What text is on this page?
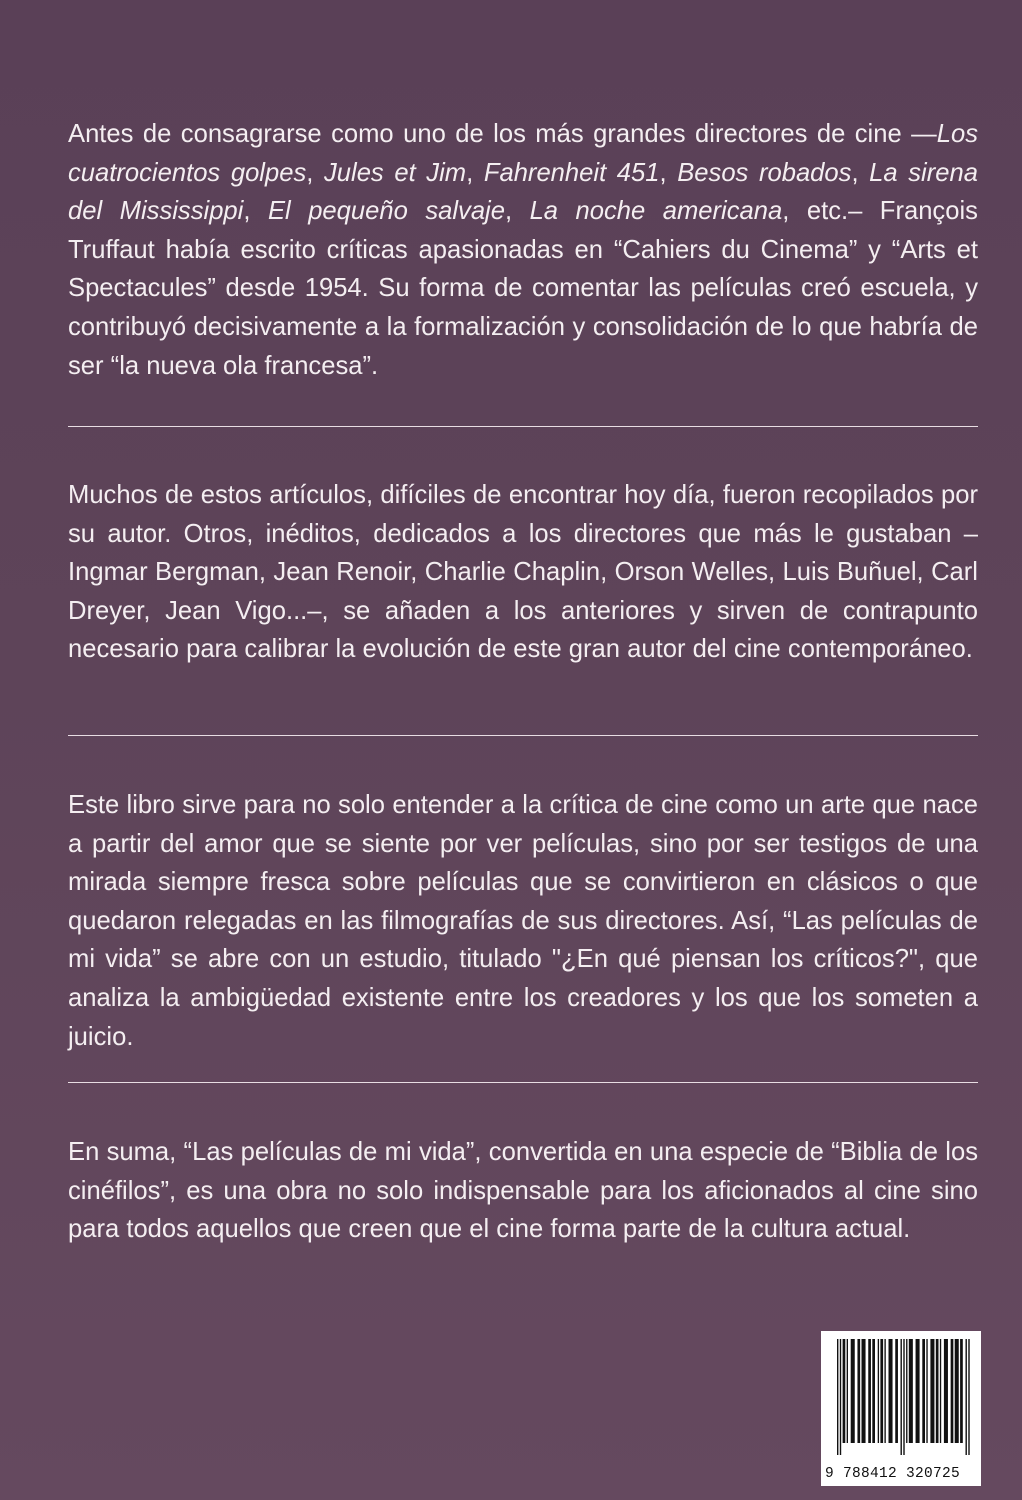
Antes de consagrarse como uno de los más grandes directores de cine —Los cuatrocientos golpes, Jules et Jim, Fahrenheit 451, Besos robados, La sirena del Mississippi, El pequeño salvaje, La noche americana, etc.– François Truffaut había escrito críticas apasionadas en “Cahiers du Cinema” y “Arts et Spectacules” desde 1954. Su forma de comentar las películas creó escuela, y contribuyó decisivamente a la formalización y consolidación de lo que habría de ser “la nueva ola francesa”.

Muchos de estos artículos, difíciles de encontrar hoy día, fueron recopilados por su autor. Otros, inéditos, dedicados a los directores que más le gustaban –Ingmar Bergman, Jean Renoir, Charlie Chaplin, Orson Welles, Luis Buñuel, Carl Dreyer, Jean Vigo...–, se añaden a los anteriores y sirven de contrapunto necesario para calibrar la evolución de este gran autor del cine contemporáneo.

Este libro sirve para no solo entender a la crítica de cine como un arte que nace a partir del amor que se siente por ver películas, sino por ser testigos de una mirada siempre fresca sobre películas que se convirtieron en clásicos o que quedaron relegadas en las filmografías de sus directores. Así, “Las películas de mi vida” se abre con un estudio, titulado "¿En qué piensan los críticos?", que analiza la ambigüedad existente entre los creadores y los que los someten a juicio.

En suma, “Las películas de mi vida”, convertida en una especie de “Biblia de los cinéfilos”, es una obra no solo indispensable para los aficionados al cine sino para todos aquellos que creen que el cine forma parte de la cultura actual.

9 788412 320725
